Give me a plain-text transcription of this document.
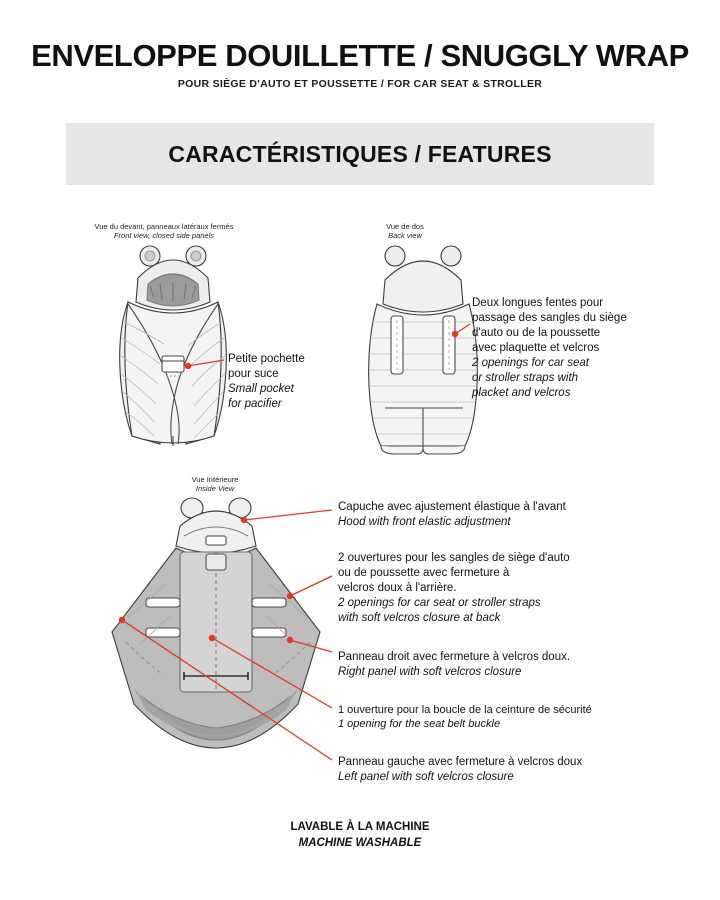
ENVELOPPE DOUILLETTE / SNUGGLY WRAP
POUR SIÈGE D'AUTO ET POUSSETTE / FOR CAR SEAT & STROLLER
CARACTÉRISTIQUES / FEATURES
Vue du devant, panneaux latéraux fermés
Front view, closed side panels
Vue de dos
Back view
Vue Intérieure
Inside View
Petite pochette
pour suce
Small pocket
for pacifier
Deux longues fentes pour
passage des sangles du siège
d'auto ou de la poussette
avec plaquette et velcros
2 openings for car seat
or stroller straps with
placket and velcros
Capuche avec ajustement élastique à l'avant
Hood with front elastic adjustment
2 ouvertures pour les sangles de siège d'auto
ou de poussette avec fermeture à
velcros doux à l'arrière.
2 openings for car seat or stroller straps
with soft velcros closure at back
Panneau droit avec fermeture à velcros doux.
Right panel with soft velcros closure
1 ouverture pour la boucle de la ceinture de sécurité
1 opening for the seat belt buckle
Panneau gauche avec fermeture à velcros doux
Left panel with soft velcros closure
LAVABLE À LA MACHINE
MACHINE WASHABLE
